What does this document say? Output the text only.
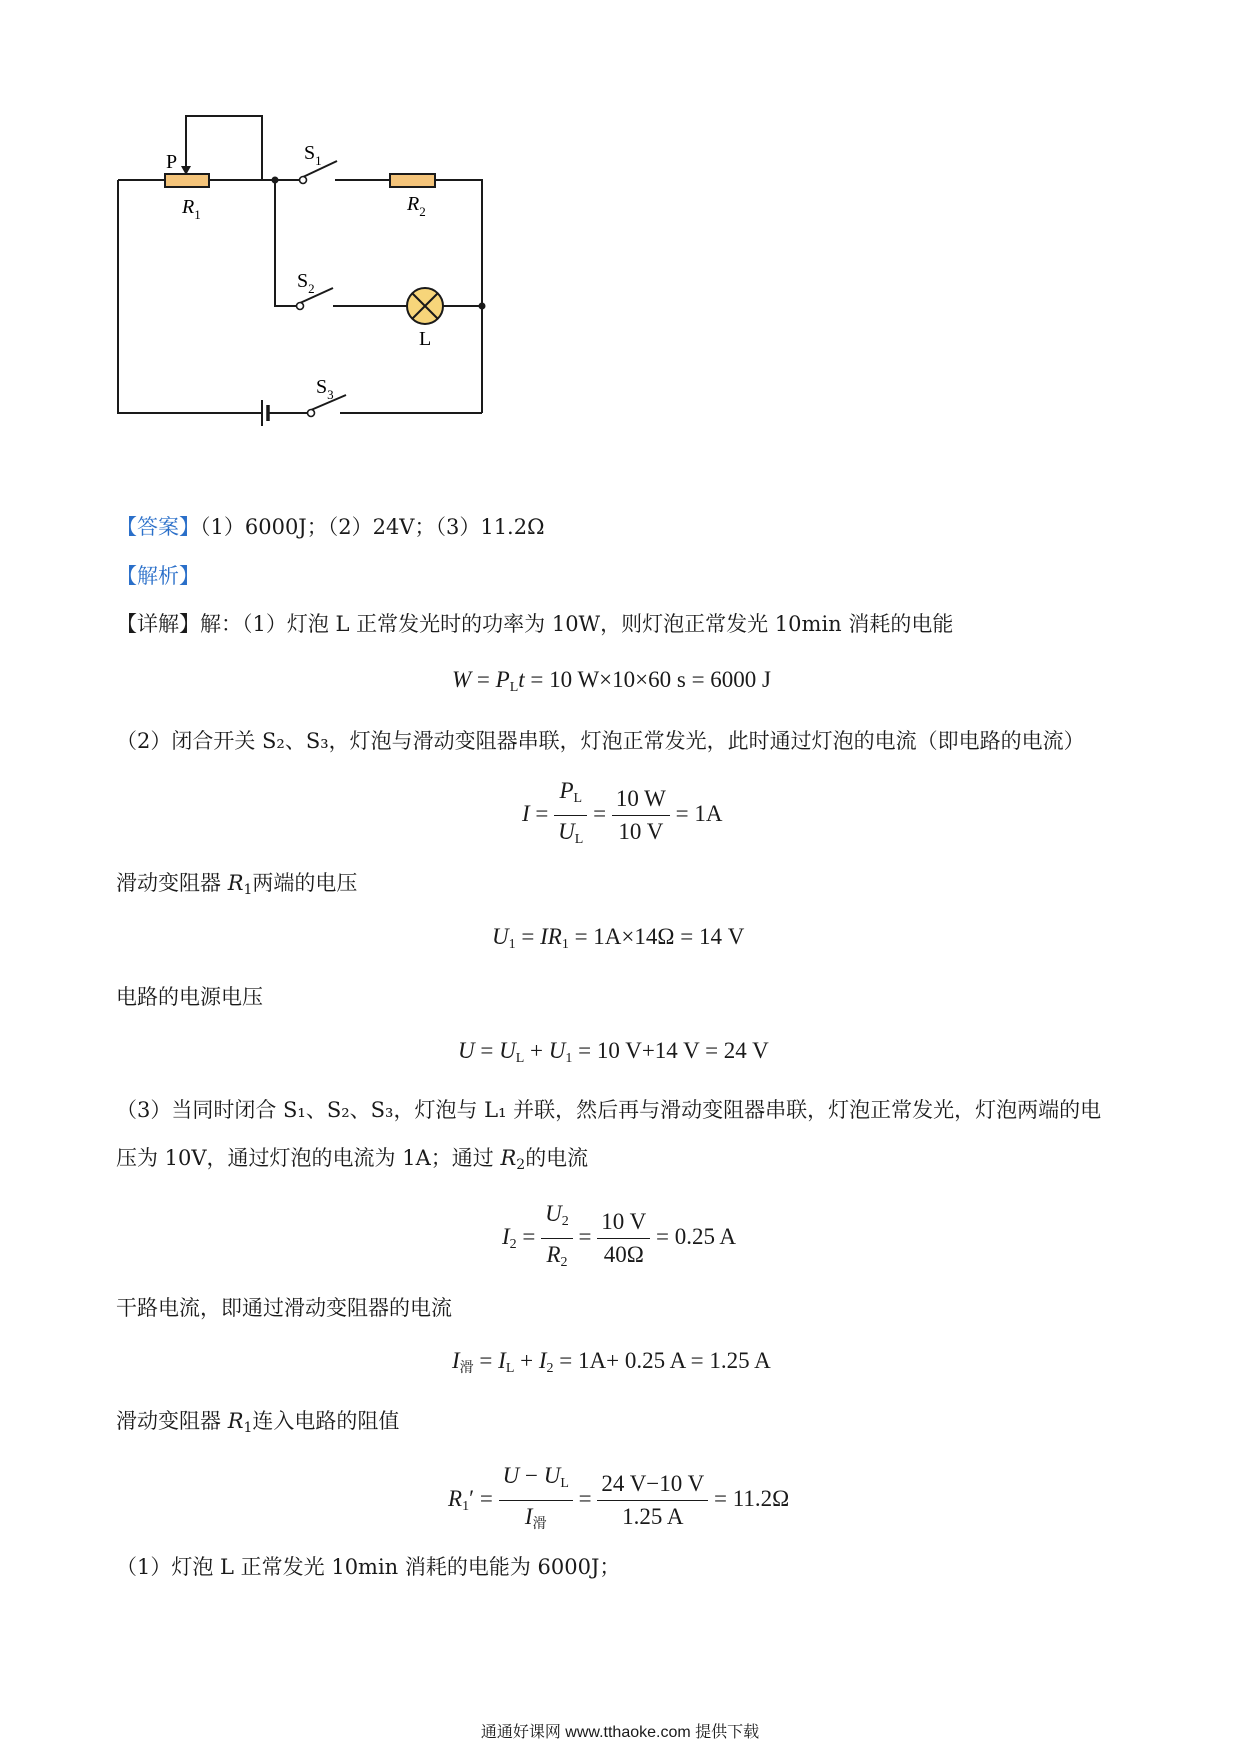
P
$R_1$
$S_1$
$R_2$
$S_2$
L
$S_3$
【答案】（1）6000J；（2）24V；（3）11.2Ω
【解析】
【详解】解：（1）灯泡 L 正常发光时的功率为 10W，则灯泡正常发光 10min 消耗的电能
$W = P_Lt = 10$ W×10×60 s = 6000 J
（2）闭合开关 S₂、S₃，灯泡与滑动变阻器串联，灯泡正常发光，此时通过灯泡的电流（即电路的电流）
$I = \frac{P_L}{U_L} = \frac{10 W}{10 V} = 1A$
滑动变阻器 $R_1$两端的电压
$U_1 = IR_1 = 1A\times 14\Omega = 14$ V
电路的电源电压
$U = U_L + U_1 = 10$ V+14 V = 24 V
（3）当同时闭合 S₁、S₂、S₃，灯泡与 L₁ 并联，然后再与滑动变阻器串联，灯泡正常发光，灯泡两端的电
压为 10V，通过灯泡的电流为 1A；通过 $R_2$的电流
$I_2 = \frac{U_2}{R_2} = \frac{10 V}{40\Omega} = 0.25$ A
干路电流，即通过滑动变阻器的电流
$I_滑 = I_L + I_2 = 1A+ 0.25$ A = 1.25 A
滑动变阻器 $R_1$连入电路的阻值
$R_1' = \frac{U - U_L}{I_滑} = \frac{24 V-10 V}{1.25 A} = 11.2\Omega$
（1）灯泡 L 正常发光 10min 消耗的电能为 6000J；
通通好课网 www.tthaoke.com 提供下载
